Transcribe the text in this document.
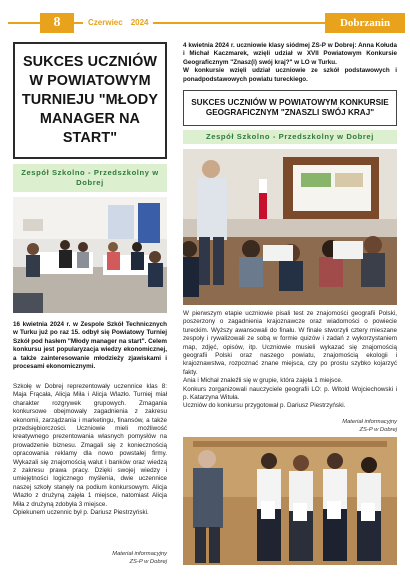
8	Czerwiec 2024	Dobrzanin
SUKCES UCZNIÓW W POWIATOWYM TURNIEJU "MŁODY MANAGER NA START"
Zespół Szkolno - Przedszkolny w Dobrej

16 kwietnia 2024 r. w Zespole Szkół Technicznych w Turku już po raz 15. odbył się Powiatowy Turniej Szkół pod hasłem "Młody manager na start". Celem konkursu jest popularyzacja wiedzy ekonomicznej, a także zainteresowanie młodzieży zjawiskami i procesami ekonomicznymi.

Szkołę w Dobrej reprezentowały uczennice klas 8: Maja Frącała, Alicja Miła i Alicja Wlazło. Turniej miał charakter rozgrywek grupowych. Zmagania konkursowe obejmowały zagadnienia z zakresu ekonomii, zarządzania i marketingu, finansów, a także przedsiębiorczości. Uczniowie mieli możliwość kreatywnego prezentowania własnych pomysłów na prowadzenie biznesu. Zmagali się z koniecznością opracowania reklamy dla nowo powstałej firmy. Wykazali się znajomością walut i banków oraz wiedzą z zakresu prawa pracy. Dzięki swojej wiedzy i umiejętności logicznego myślenia, dwie uczennice naszej szkoły stanęły na podium konkursowym. Alicja Wlazło z drużyną zajęła 1 miejsce, natomiast Alicja Miła z drużyną zdobyła 3 miejsce.

Opiekunem uczennic był p. Dariusz Piestrzyński.

Materiał informacyjny
ZS-P w Dobrej

4 kwietnia 2024 r. uczniowie klasy siódmej ZS-P w Dobrej: Anna Kołuda i Michał Kaczmarek, wzięli udział w XVII Powiatowym Konkursie Geograficznym "Znasz(i) swój kraj?" w LO w Turku.

W konkursie wzięli udział uczniowie ze szkół podstawowych i ponadpodstawowych powiatu tureckiego.

SUKCES UCZNIÓW W POWIATOWYM KONKURSIE GEOGRAFICZNYM "ZNASZLI SWÓJ KRAJ"
Zespół Szkolno - Przedszkolny w Dobrej

W pierwszym etapie uczniowie pisali test ze znajomości geografii Polski, poszerzony o zagadnienia krajoznawcze oraz wiadomości o powiecie tureckim. Wyższy awansowali do finału. W finale stworzyli cztery mieszane zespoły i rywalizowali ze sobą w formie quizów i zadań z wykorzystaniem map, zdjęć, opisów, itp. Uczniowie musieli wykazać się znajomością geografii Polski oraz naszego powiatu, znajomością ekologii i krajoznawstwa, rozpoznać znane miejsca, czy po prostu szybko kojarzyć fakty.

Ania i Michał znaleźli się w grupie, która zajęła 1 miejsce.

Konkurs zorganizowali nauczyciele geografii LO: p. Witold Wojciechowski i p. Katarzyna Wituła.

Uczniów do konkursu przygotował p. Dariusz Piestrzyński.

Materiał informacyjny
ZS-P w Dobrej
